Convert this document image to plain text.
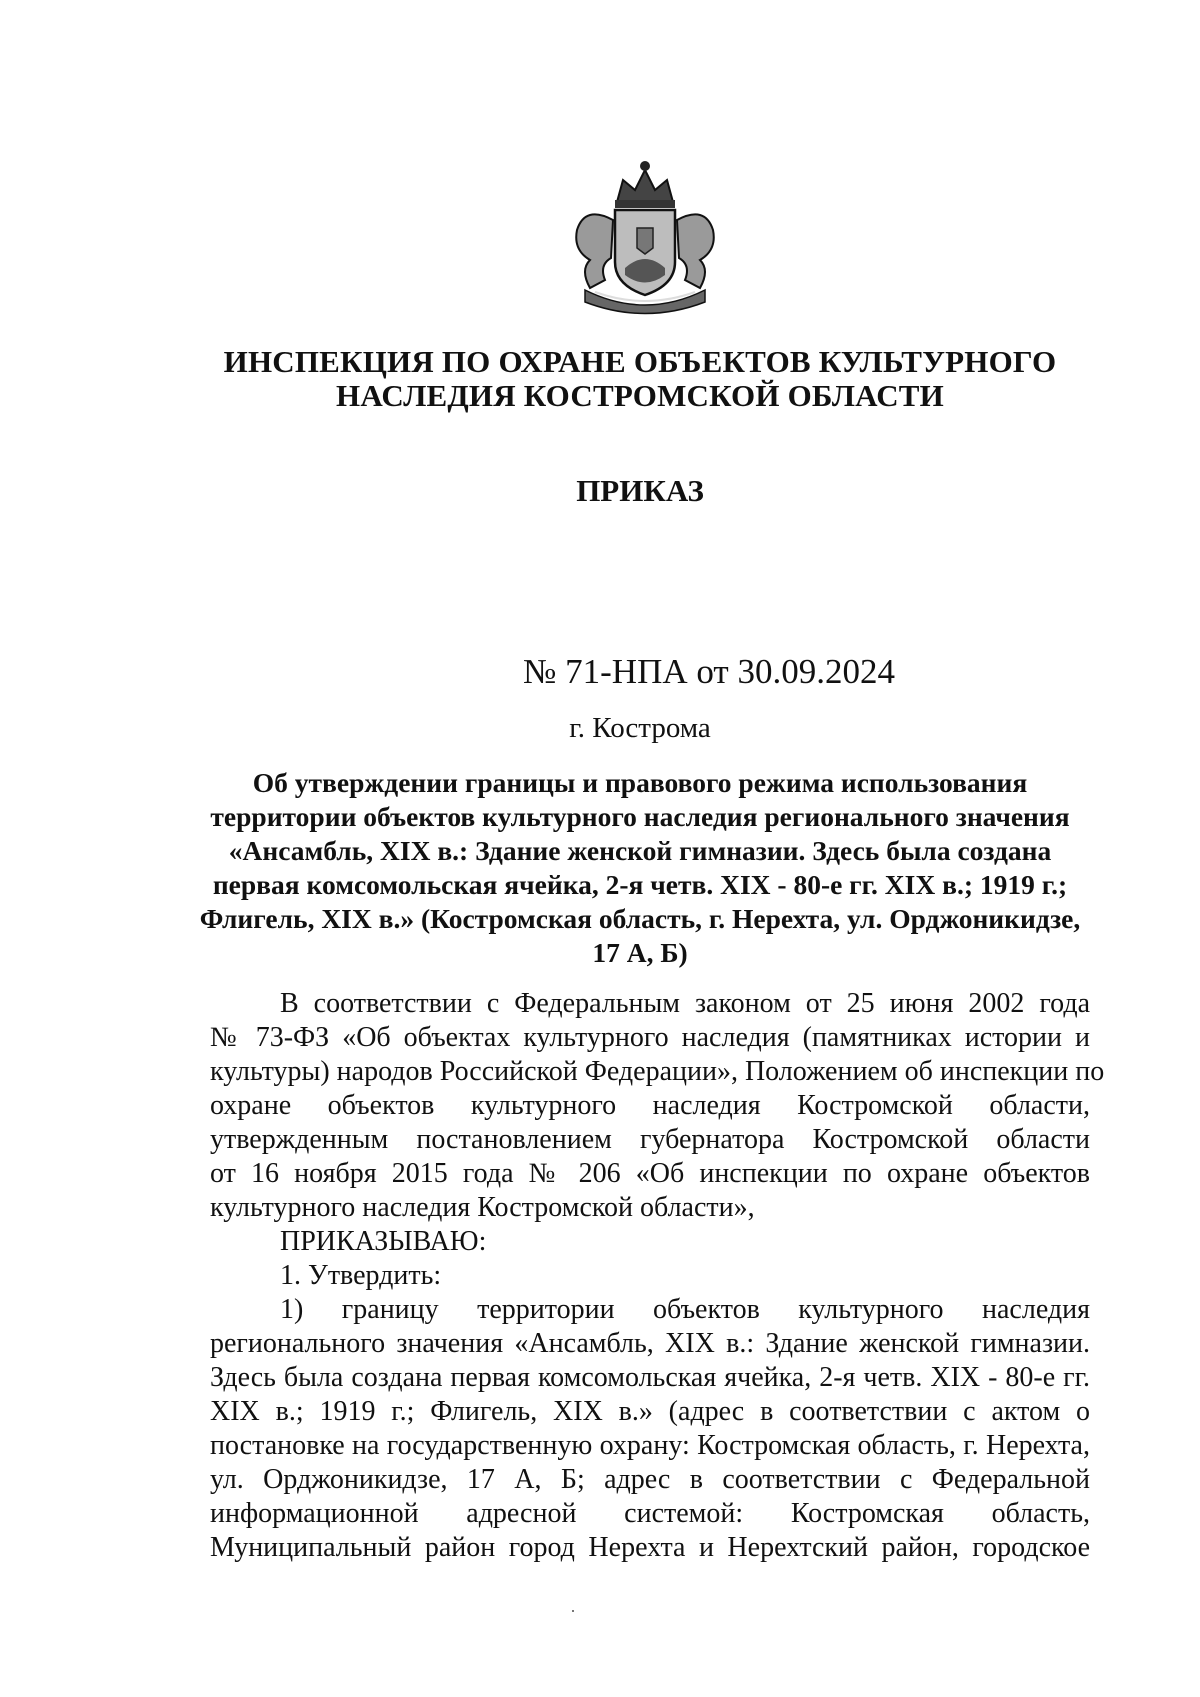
ИНСПЕКЦИЯ ПО ОХРАНЕ ОБЪЕКТОВ КУЛЬТУРНОГО
НАСЛЕДИЯ КОСТРОМСКОЙ ОБЛАСТИ
ПРИКАЗ
№ 71-НПА от 30.09.2024
г. Кострома
Об утверждении границы и правового режима использования
территории объектов культурного наследия регионального значения
«Ансамбль, XIX в.: Здание женской гимназии. Здесь была создана
первая комсомольская ячейка, 2-я четв. XIX - 80-е гг. XIX в.; 1919 г.;
Флигель, XIX в.» (Костромская область, г. Нерехта, ул. Орджоникидзе,
17 А, Б)
В соответствии с Федеральным законом от 25 июня 2002 года
№ 73-ФЗ «Об объектах культурного наследия (памятниках истории и
культуры) народов Российской Федерации», Положением об инспекции по
охране объектов культурного наследия Костромской области,
утвержденным постановлением губернатора Костромской области
от 16 ноября 2015 года № 206 «Об инспекции по охране объектов
культурного наследия Костромской области»,
ПРИКАЗЫВАЮ:
1. Утвердить:
1) границу территории объектов культурного наследия
регионального значения «Ансамбль, XIX в.: Здание женской гимназии.
Здесь была создана первая комсомольская ячейка, 2-я четв. XIX - 80-е гг.
XIX в.; 1919 г.; Флигель, XIX в.» (адрес в соответствии с актом о
постановке на государственную охрану: Костромская область, г. Нерехта,
ул. Орджоникидзе, 17 А, Б; адрес в соответствии с Федеральной
информационной адресной системой: Костромская область,
Муниципальный район город Нерехта и Нерехтский район, городское
